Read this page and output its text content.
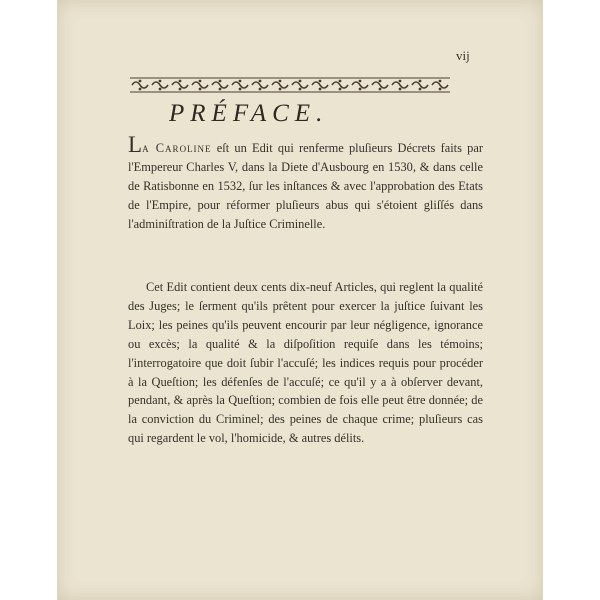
vij
PRÉFACE.
La Caroline eſt un Edit qui renferme pluſieurs Décrets faits par l'Empereur Charles V, dans la Diete d'Ausbourg en 1530, & dans celle de Ratisbonne en 1532, ſur les inſtances & avec l'approbation des Etats de l'Empire, pour réformer pluſieurs abus qui s'étoient gliſſés dans l'adminiſtration de la Juſtice Criminelle.
Cet Edit contient deux cents dix-neuf Articles, qui reglent la qualité des Juges; le ſerment qu'ils prêtent pour exercer la juſtice ſuivant les Loix; les peines qu'ils peuvent encourir par leur négligence, ignorance ou excès; la qualité & la diſpoſition requiſe dans les témoins; l'interrogatoire que doit ſubir l'accuſé; les indices requis pour procéder à la Queſtion; les défenſes de l'accuſé; ce qu'il y a à obſerver devant, pendant, & après la Queſtion; combien de fois elle peut être donnée; de la conviction du Criminel; des peines de chaque crime; pluſieurs cas qui regardent le vol, l'homicide, & autres délits.
